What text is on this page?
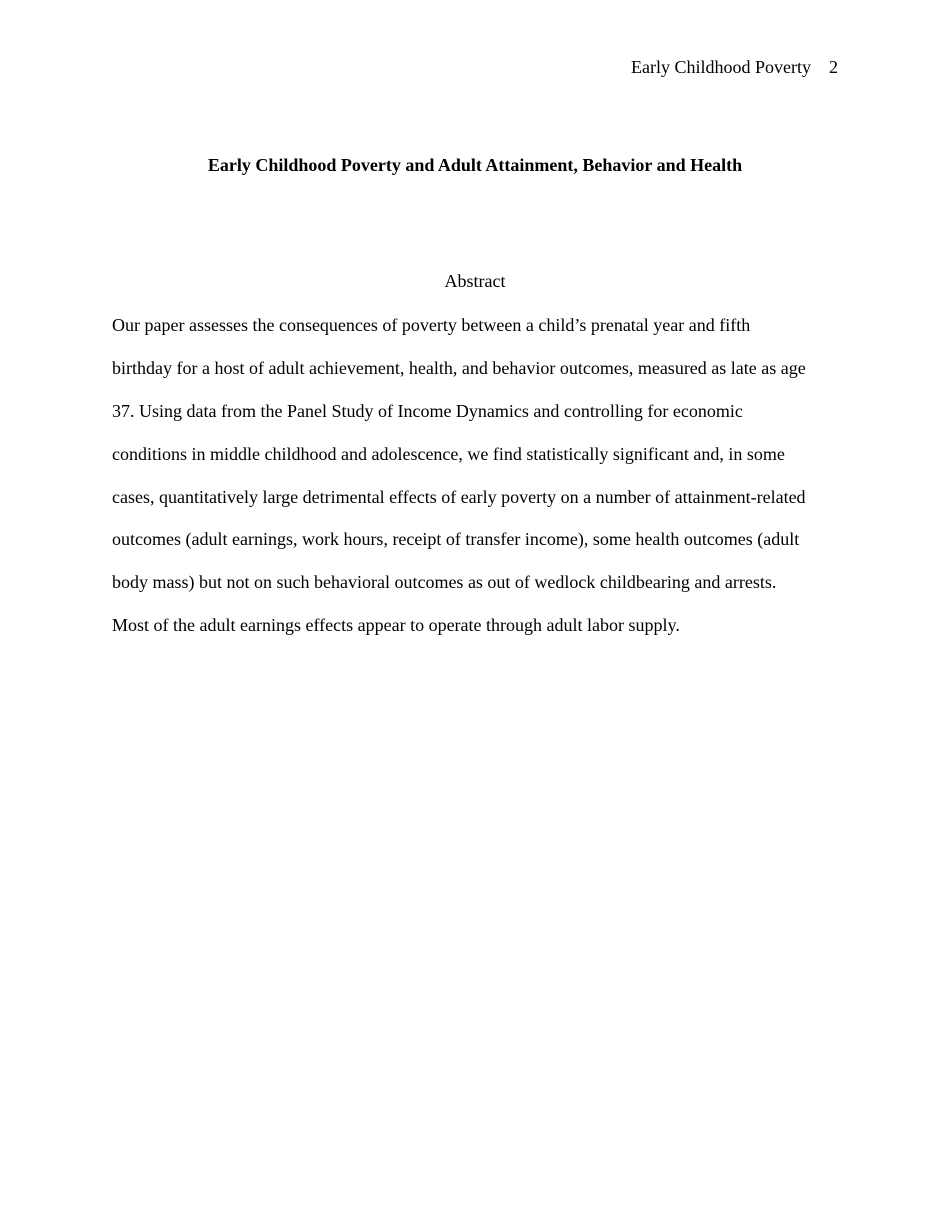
Early Childhood Poverty 2
Early Childhood Poverty and Adult Attainment, Behavior and Health
Abstract
Our paper assesses the consequences of poverty between a child’s prenatal year and fifth
birthday for a host of adult achievement, health, and behavior outcomes, measured as late as age
37. Using data from the Panel Study of Income Dynamics and controlling for economic
conditions in middle childhood and adolescence, we find statistically significant and, in some
cases, quantitatively large detrimental effects of early poverty on a number of attainment-related
outcomes (adult earnings, work hours, receipt of transfer income), some health outcomes (adult
body mass) but not on such behavioral outcomes as out of wedlock childbearing and arrests.
Most of the adult earnings effects appear to operate through adult labor supply.
